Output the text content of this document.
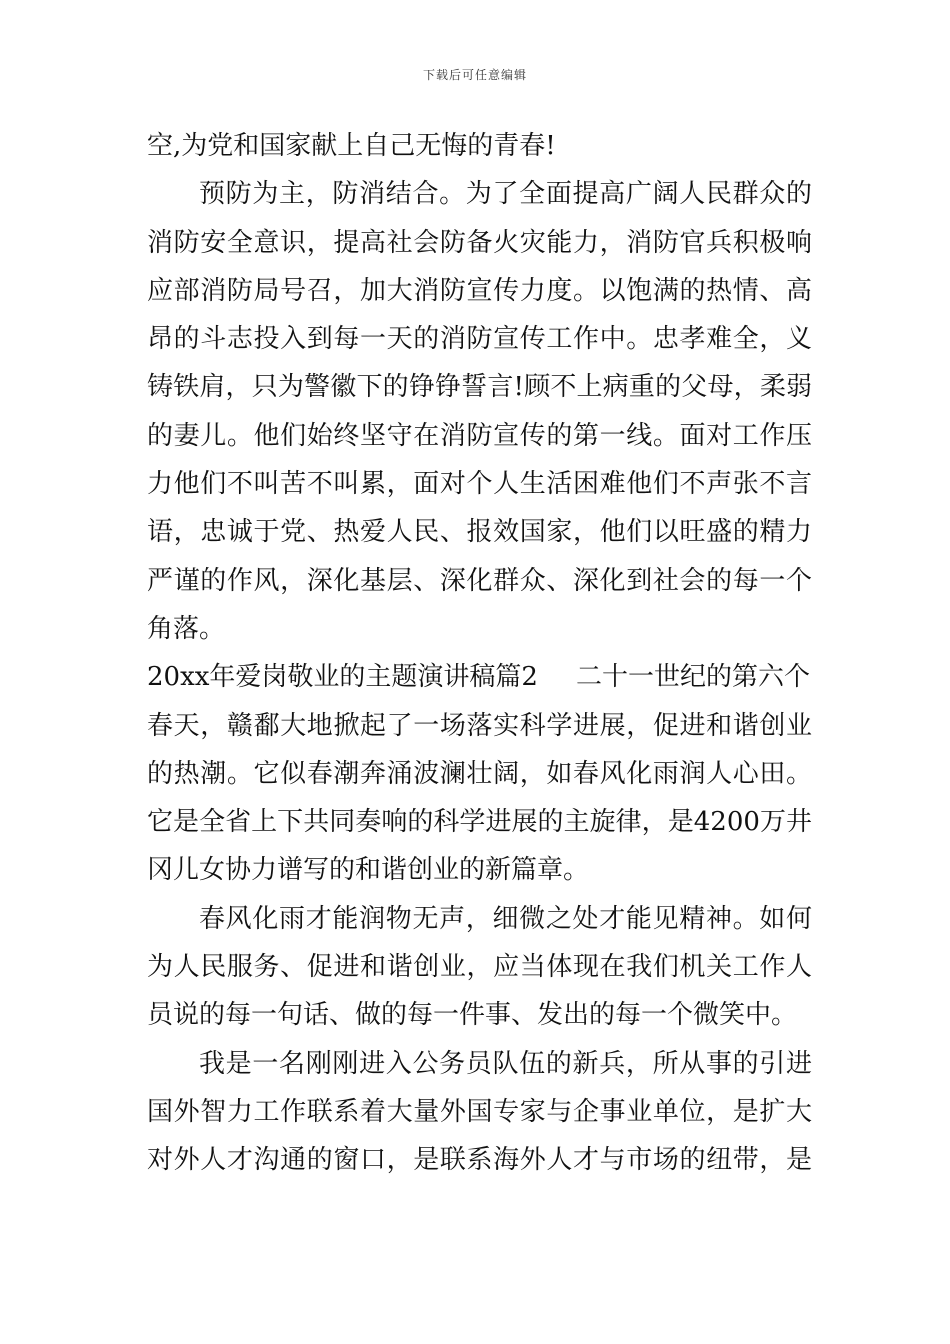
下载后可任意编辑
空,为党和国家献上自己无悔的青春!
预防为主，防消结合。为了全面提高广阔人民群众的
消防安全意识，提高社会防备火灾能力，消防官兵积极响
应部消防局号召，加大消防宣传力度。以饱满的热情、高
昂的斗志投入到每一天的消防宣传工作中。忠孝难全，义
铸铁肩，只为警徽下的铮铮誓言!顾不上病重的父母，柔弱
的妻儿。他们始终坚守在消防宣传的第一线。面对工作压
力他们不叫苦不叫累，面对个人生活困难他们不声张不言
语，忠诚于党、热爱人民、报效国家，他们以旺盛的精力
严谨的作风，深化基层、深化群众、深化到社会的每一个
角落。
20xx年爱岗敬业的主题演讲稿篇2 二十一世纪的第六个
春天，赣鄱大地掀起了一场落实科学进展，促进和谐创业
的热潮。它似春潮奔涌波澜壮阔，如春风化雨润人心田。
它是全省上下共同奏响的科学进展的主旋律，是4200万井
冈儿女协力谱写的和谐创业的新篇章。
春风化雨才能润物无声，细微之处才能见精神。如何
为人民服务、促进和谐创业，应当体现在我们机关工作人
员说的每一句话、做的每一件事、发出的每一个微笑中。
我是一名刚刚进入公务员队伍的新兵，所从事的引进
国外智力工作联系着大量外国专家与企事业单位，是扩大
对外人才沟通的窗口，是联系海外人才与市场的纽带，是
